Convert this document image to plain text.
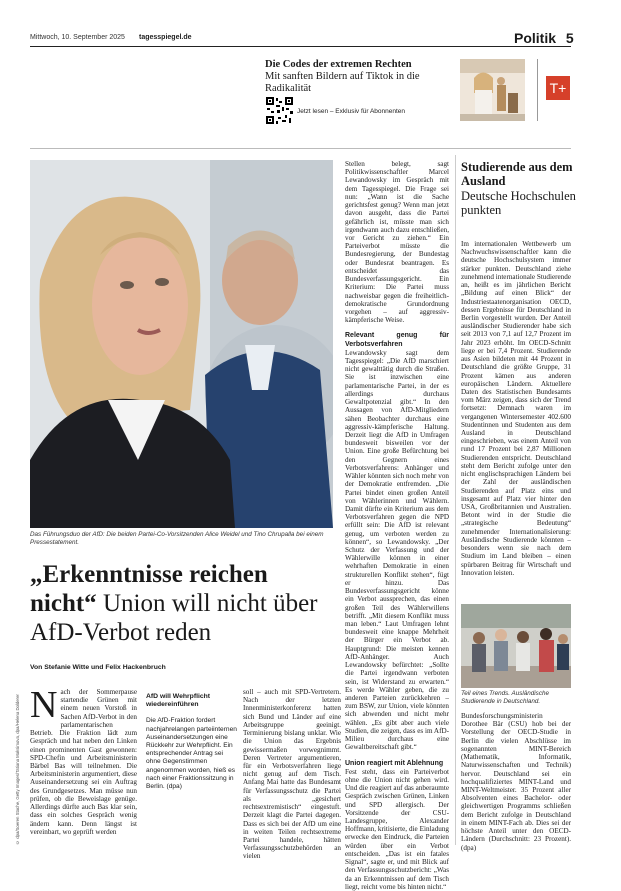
Mittwoch, 10. September 2025 tagesspiegel.de	Politik 5
Die Codes der extremen Rechten
Mit sanften Bildern auf Tiktok in die Radikalität
Jetzt lesen – Exklusiv für Abonnenten
T+
Das Führungsduo der AfD: Die beiden Partei-Co-Vorsitzenden Alice Weidel und Tino Chrupalla bei einem Pressestatement.
„Erkenntnisse reichen nicht“ Union will nicht über AfD-Verbot reden
Von Stefanie Witte und Felix Hackenbruch
© dpa/Soeren Stache, Getty Images/Tatiana Maksimova, dpa/Helena Dolderer N ach der Sommerpause startendie Grünen mit einem neuen Vorstoß in Sachen AfD-Verbot in den parlamentarischen Betrieb. Die Fraktion lädt zum Gespräch und hat neben den Linken einen prominenten Gast gewonnen: SPD-Chefin und Arbeitsministerin Bärbel Bas will teilnehmen. Die Arbeitsministerin argumentiert, diese Auseinandersetzung sei ein Auftrag des Grundgesetzes. Man müsse nun prüfen, ob die Beweislage genüge. Allerdings dürfte auch Bas klar sein, dass ein solches Gespräch wenig ändern kann. Denn längst ist vereinbart, wo geprüft werden
AfD will Wehrpflicht wiedereinführen
Die AfD-Fraktion fordert nachjahrelangen parteiinternen Auseinandersetzungen eine Rückkehr zur Wehrpflicht. Ein entsprechender Antrag sei ohne Gegenstimmen angenommen worden, hieß es nach einer Fraktionssitzung in Berlin. (dpa)
soll – auch mit SPD-Vertretern. Nach der letzten Innenministerkonferenz hatten sich Bund und Länder auf eine Arbeitsgruppe geeinigt. Terminierung bislang unklar. Wie die Union das Ergebnis gewissermaßen vorwegnimmt. Deren Vertreter argumentieren, für ein Verbotsverfahren liege nicht genug auf dem Tisch. Anfang Mai hatte das Bundesamt für Verfassungsschutz die Partei als „gesichert rechtsextremistisch“ eingestuft. Derzeit klagt die Partei dagegen. Dass es sich bei der AfD um eine in weiten Teilen rechtsextreme Partei handele, hätten Verfassungsschutzbehörden an vielen

Stellen belegt, sagt Politikwissenschaftler Marcel Lewandowsky im Gespräch mit dem Tagesspiegel. Die Frage sei nun: „Wann ist die Sache gerichtsfest genug? Wenn man jetzt davon ausgeht, dass die Partei gefährlich ist, müsste man sich irgendwann auch dazu entschließen, vor Gericht zu ziehen.“ Ein Parteiverbot müsste die Bundesregierung, der Bundestag oder Bundesrat beantragen. Es entscheidet das Bundesverfassungsgericht. Ein Kriterium: Die Partei muss nachweisbar gegen die freiheitlich-demokratische Grundordnung vorgehen – auf aggressiv-kämpferische Weise.

Relevant genug für Verbotsverfahren

Lewandowsky sagt dem Tagesspiegel: „Die AfD marschiert nicht gewalttätig durch die Straßen. Sie ist inzwischen eine parlamentarische Partei, in der es allerdings durchaus Gewaltpotenzial gibt.“ In den Aussagen von AfD-Mitgliedern sähen Beobachter durchaus eine aggressiv-kämpferische Haltung. Derzeit liegt die AfD in Umfragen bundesweit bisweilen vor der Union. Eine große Befürchtung bei den Gegnern eines Verbotsverfahrens: Anhänger und Wähler könnten sich noch mehr von der Demokratie entfremden. „Die Partei bindet einen großen Anteil von Wählerinnen und Wählern. Damit dürfte ein Kriterium aus dem Verbotsverfahren gegen die NPD erfüllt sein: Die AfD ist relevant genug, um verboten werden zu können“, so Lewandowsky. „Der Schutz der Verfassung und der Wählerwille können in einer wehrhaften Demokratie in einen strukturellen Konflikt stehen“, fügt er hinzu. Das Bundesverfassungsgericht könne ein Verbot aussprechen, das einen großen Teil des Wählerwillens betrifft. „Mit diesem Konflikt muss man leben.“ Laut Umfragen lehnt bundesweit eine knappe Mehrheit der Bürger ein Verbot ab. Hauptgrund: Die meisten kennen AfD-Anhänger. Auch Lewandowsky befürchtet: „Sollte die Partei irgendwann verboten sein, ist Widerstand zu erwarten.“ Es werde Wähler geben, die zu anderen Parteien zurückkehren – zum BSW, zur Union, viele könnten sich abwenden und nicht mehr wählen. „Es gibt aber auch viele Studien, die zeigen, dass es im AfD-Milieu durchaus eine Gewaltbereitschaft gibt.“

Union reagiert mit Ablehnung

Fest steht, dass ein Parteiverbot ohne die Union nicht gehen wird. Und die reagiert auf das anberaumte Gespräch zwischen Grünen, Linken und SPD allergisch. Der Vorsitzende der CSU-Landesgruppe, Alexander Hoffmann, kritisierte, die Einladung erwecke den Eindruck, die Parteien würden über ein Verbot entscheiden. „Das ist ein fatales Signal“, sagte er, und mit Blick auf den Verfassungsschutzbericht: „Was da an Erkenntnissen auf dem Tisch liegt, reicht vorne bis hinten nicht.“

Studierende aus dem Ausland
Deutsche Hochschulen punkten
Im internationalen Wettbewerb um Nachwuchswissenschaftler kann die deutsche Hochschulsystem immer stärker punkten. Deutschland ziehe zunehmend internationale Studierende an, heißt es im jährlichen Bericht „Bildung auf einen Blick“ der Industriestaatenorganisation OECD, dessen Ergebnisse für Deutschland in Berlin vorgestellt wurden. Der Anteil ausländischer Studierender habe sich seit 2013 von 7,1 auf 12,7 Prozent im Jahr 2023 erhöht. Im OECD-Schnitt liege er bei 7,4 Prozent. Studierende aus Asien bildeten mit 44 Prozent in Deutschland die größte Gruppe, 31 Prozent kämen aus anderen europäischen Ländern. Aktuellere Daten des Statistischen Bundesamts vom März zeigen, dass sich der Trend fortsetzt: Demnach waren im vergangenen Wintersemester 402.600 Studentinnen und Studenten aus dem Ausland in Deutschland eingeschrieben, was einem Anteil von rund 17 Prozent bei 2,87 Millionen Studierenden entspricht. Deutschland steht dem Bericht zufolge unter den nicht englischsprachigen Ländern bei der Zahl der ausländischen Studierenden auf Platz eins und insgesamt auf Platz vier hinter den USA, Großbritannien und Australien. Betont wird in der Studie die „strategische Bedeutung“ zunehmender Internationalisierung: Ausländische Studierende könnten – besonders wenn sie nach dem Studium im Land bleiben – einen spürbaren Beitrag für Wirtschaft und Innovation leisten.
Teil eines Trends. Ausländische Studierende in Deutschland.
Bundesforschungsministerin Dorothee Bär (CSU) hob bei der Vorstellung der OECD-Studie in Berlin die vielen Abschlüsse im sogenannten MINT-Bereich (Mathematik, Informatik, Naturwissenschaften und Technik) hervor. Deutschland sei ein hochqualifiziertes MINT-Land und MINT-Weltmeister. 35 Prozent aller Absolventen eines Bachelor- oder gleichwertigen Programms schließen dem Bericht zufolge in Deutschland in einem MINT-Fach ab. Dies sei der höchste Anteil unter den OECD-Ländern (Durchschnitt: 23 Prozent). (dpa)
